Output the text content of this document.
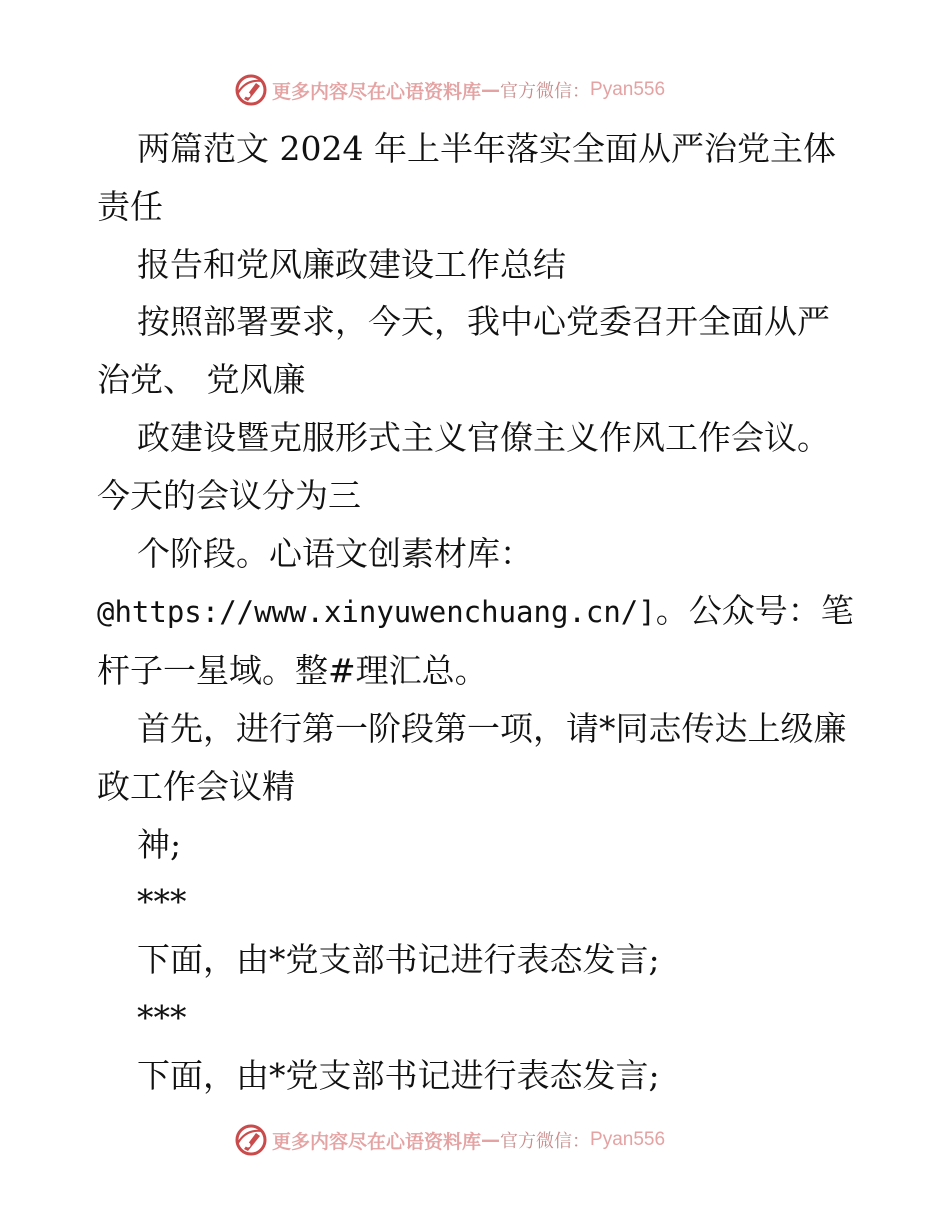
更多内容尽在心语资料库 — 官方微信： Pyan556

两篇范文 2024 年上半年落实全面从严治党主体责任

报告和党风廉政建设工作总结

按照部署要求，今天，我中心党委召开全面从严治党、 党风廉

政建设暨克服形式主义官僚主义作风工作会议。今天的会议分为三

个阶段。心语文创素材库：@https://www.xinyuwenchuang.cn/]。公众号：笔杆子一星域。整#理汇总。

首先，进行第一阶段第一项，请*同志传达上级廉政工作会议精

神;

***

下面，由*党支部书记进行表态发言;

***

下面，由*党支部书记进行表态发言;

更多内容尽在心语资料库 — 官方微信： Pyan556
